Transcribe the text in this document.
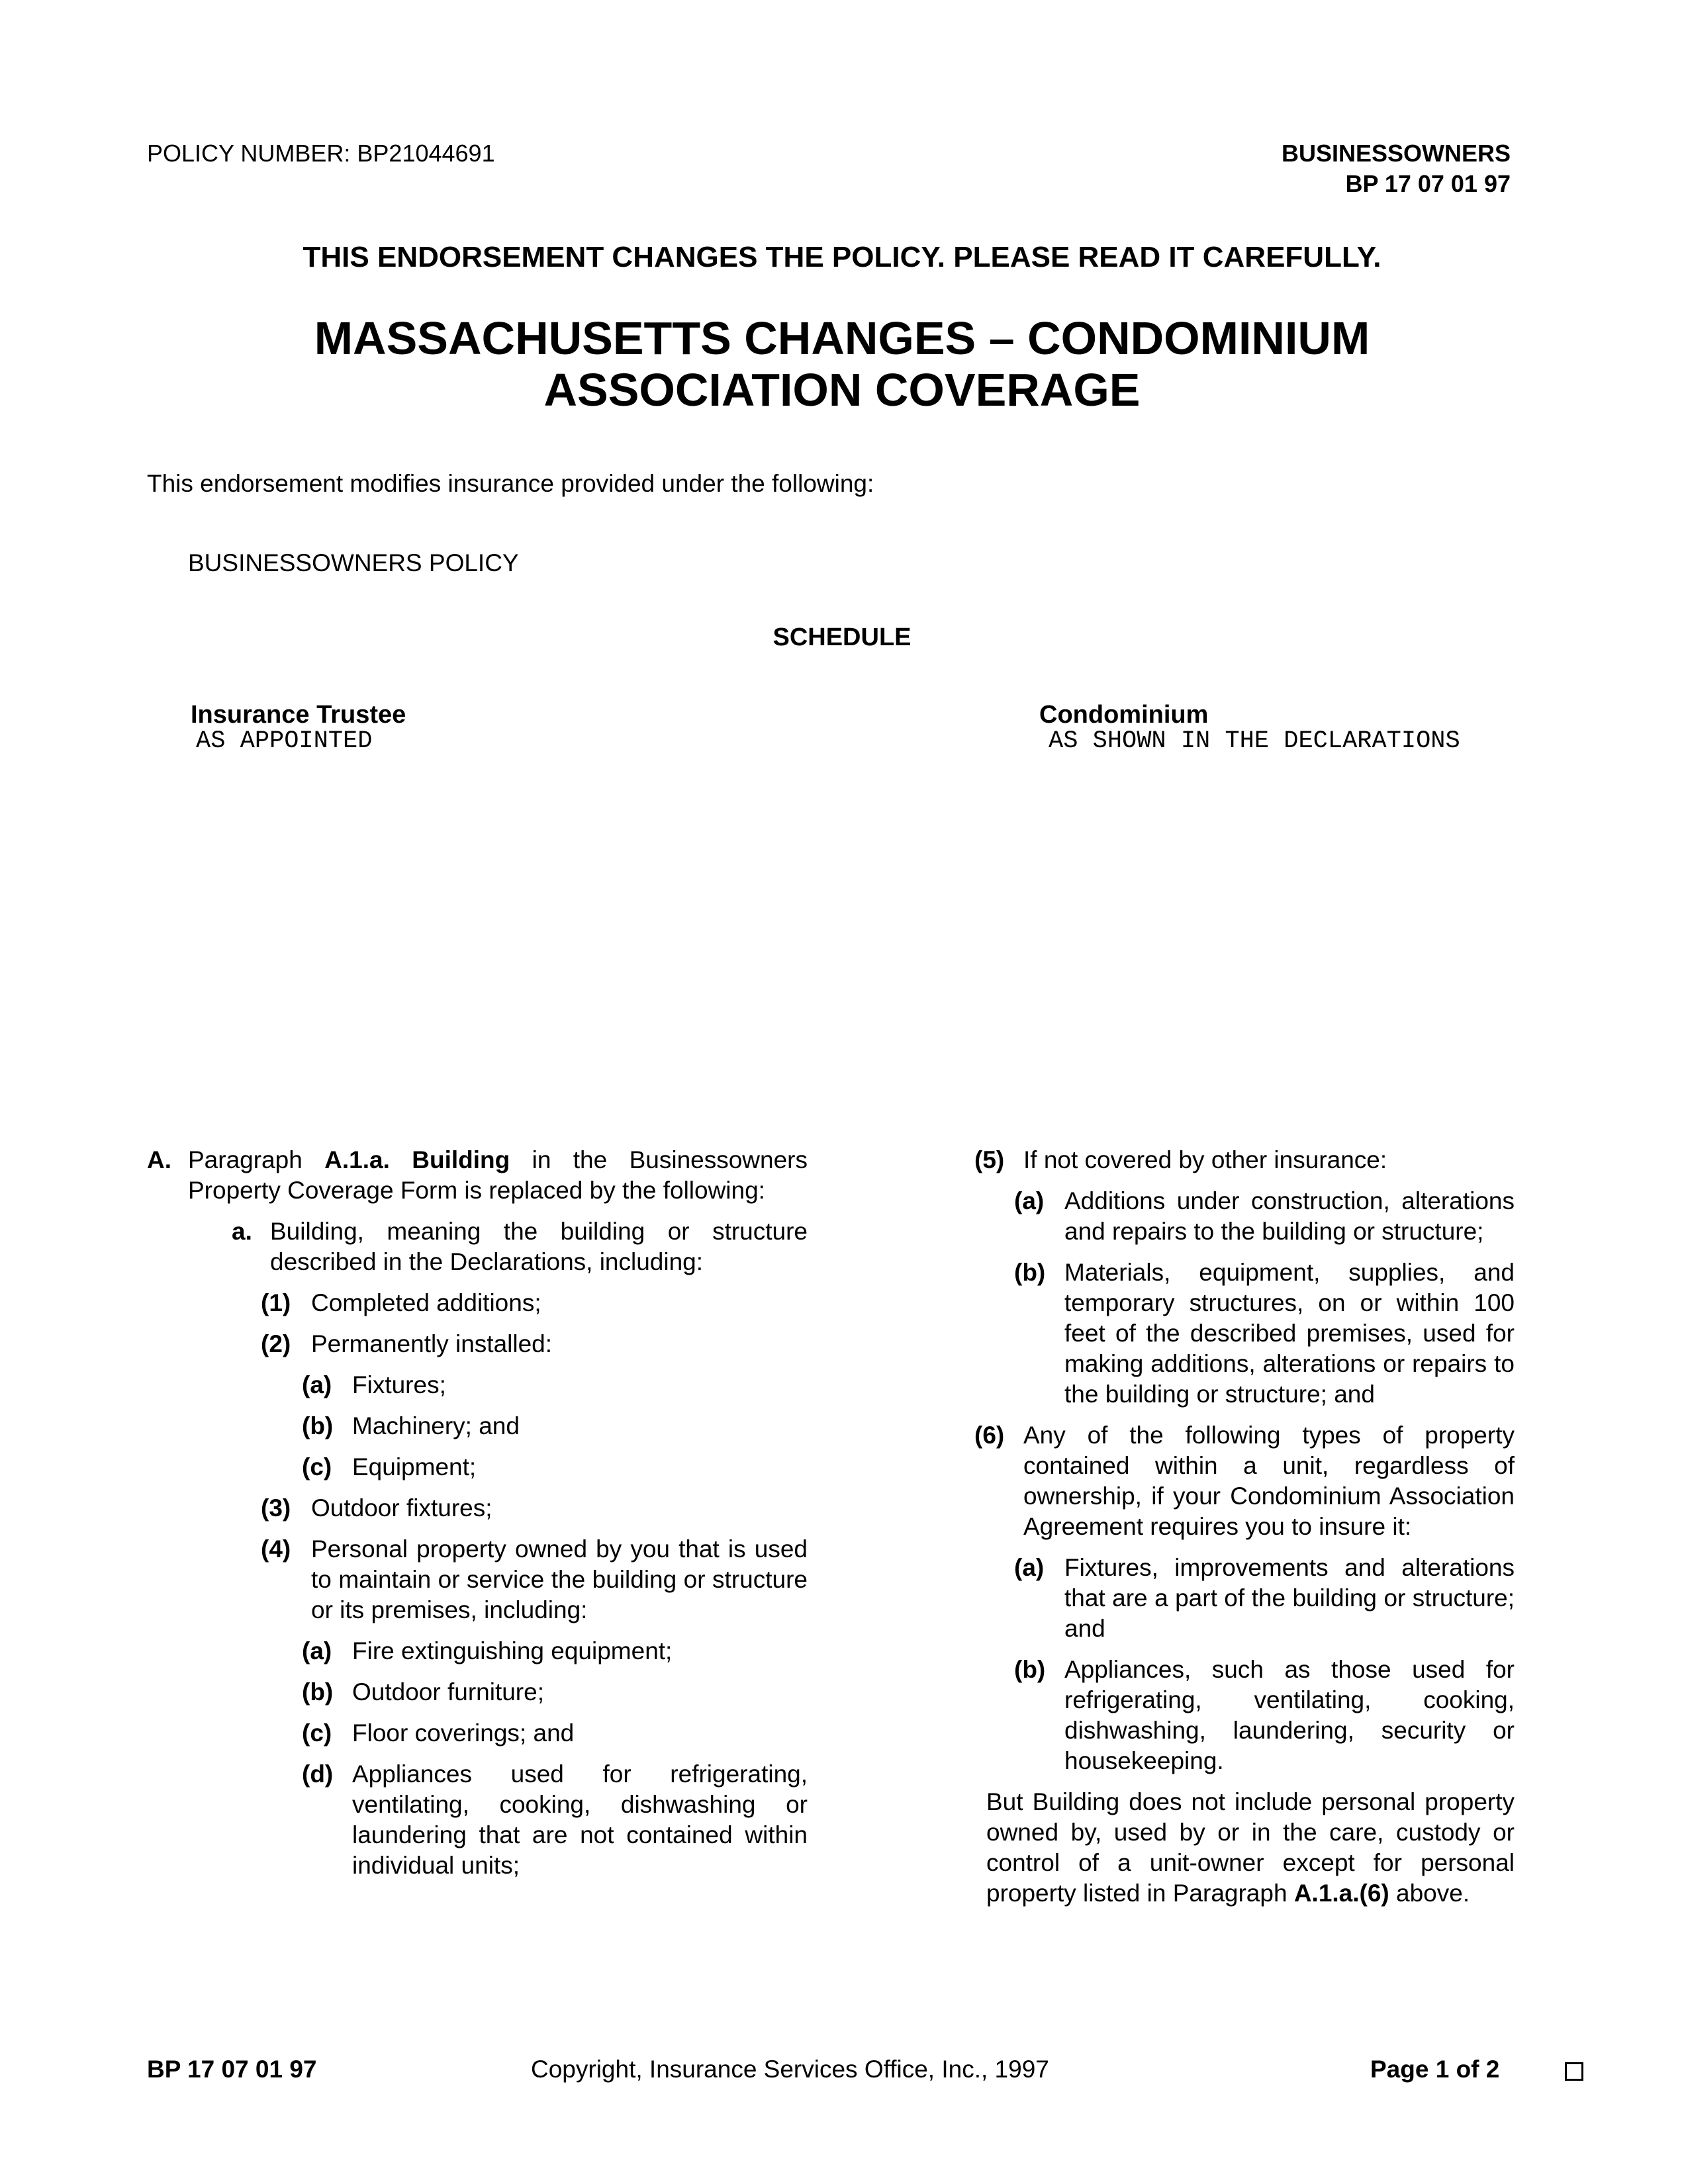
POLICY NUMBER: BP21044691	BUSINESSOWNERS
BP 17 07 01 97
THIS ENDORSEMENT CHANGES THE POLICY. PLEASE READ IT CAREFULLY.
MASSACHUSETTS CHANGES – CONDOMINIUM
ASSOCIATION COVERAGE
This endorsement modifies insurance provided under the following:
BUSINESSOWNERS POLICY
SCHEDULE
Insurance Trustee
AS APPOINTED
Condominium
AS SHOWN IN THE DECLARATIONS
A. Paragraph A.1.a. Building in the Businessowners Property Coverage Form is replaced by the following:
a. Building, meaning the building or structure described in the Declarations, including:
(1) Completed additions;
(2) Permanently installed:
(a) Fixtures;
(b) Machinery; and
(c) Equipment;
(3) Outdoor fixtures;
(4) Personal property owned by you that is used to maintain or service the building or structure or its premises, including:
(a) Fire extinguishing equipment;
(b) Outdoor furniture;
(c) Floor coverings; and
(d) Appliances used for refrigerating, ventilating, cooking, dishwashing or laundering that are not contained within individual units;
(5) If not covered by other insurance:
(a) Additions under construction, alterations and repairs to the building or structure;
(b) Materials, equipment, supplies, and temporary structures, on or within 100 feet of the described premises, used for making additions, alterations or repairs to the building or structure; and
(6) Any of the following types of property contained within a unit, regardless of ownership, if your Condominium Association Agreement requires you to insure it:
(a) Fixtures, improvements and alterations that are a part of the building or structure; and
(b) Appliances, such as those used for refrigerating, ventilating, cooking, dishwashing, laundering, security or housekeeping.
But Building does not include personal property owned by, used by or in the care, custody or control of a unit-owner except for personal property listed in Paragraph A.1.a.(6) above.
BP 17 07 01 97	Copyright, Insurance Services Office, Inc., 1997	Page 1 of 2
